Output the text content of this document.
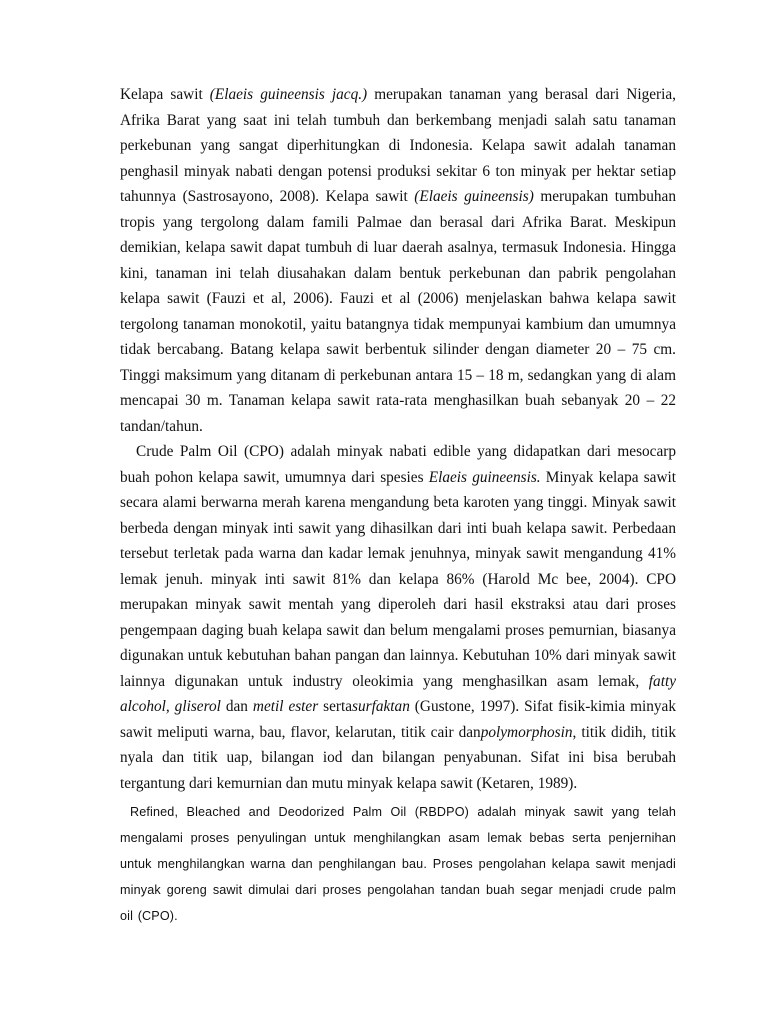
Kelapa sawit (Elaeis guineensis jacq.) merupakan tanaman yang berasal dari Nigeria, Afrika Barat yang saat ini telah tumbuh dan berkembang menjadi salah satu tanaman perkebunan yang sangat diperhitungkan di Indonesia. Kelapa sawit adalah tanaman penghasil minyak nabati dengan potensi produksi sekitar 6 ton minyak per hektar setiap tahunnya (Sastrosayono, 2008). Kelapa sawit (Elaeis guineensis) merupakan tumbuhan tropis yang tergolong dalam famili Palmae dan berasal dari Afrika Barat. Meskipun demikian, kelapa sawit dapat tumbuh di luar daerah asalnya, termasuk Indonesia. Hingga kini, tanaman ini telah diusahakan dalam bentuk perkebunan dan pabrik pengolahan kelapa sawit (Fauzi et al, 2006). Fauzi et al (2006) menjelaskan bahwa kelapa sawit tergolong tanaman monokotil, yaitu batangnya tidak mempunyai kambium dan umumnya tidak bercabang. Batang kelapa sawit berbentuk silinder dengan diameter 20 – 75 cm. Tinggi maksimum yang ditanam di perkebunan antara 15 – 18 m, sedangkan yang di alam mencapai 30 m. Tanaman kelapa sawit rata-rata menghasilkan buah sebanyak 20 – 22 tandan/tahun.

Crude Palm Oil (CPO) adalah minyak nabati edible yang didapatkan dari mesocarp buah pohon kelapa sawit, umumnya dari spesies Elaeis guineensis. Minyak kelapa sawit secara alami berwarna merah karena mengandung beta karoten yang tinggi. Minyak sawit berbeda dengan minyak inti sawit yang dihasilkan dari inti buah kelapa sawit. Perbedaan tersebut terletak pada warna dan kadar lemak jenuhnya, minyak sawit mengandung 41% lemak jenuh. minyak inti sawit 81% dan kelapa 86% (Harold Mc bee, 2004). CPO merupakan minyak sawit mentah yang diperoleh dari hasil ekstraksi atau dari proses pengempaan daging buah kelapa sawit dan belum mengalami proses pemurnian, biasanya digunakan untuk kebutuhan bahan pangan dan lainnya. Kebutuhan 10% dari minyak sawit lainnya digunakan untuk industry oleokimia yang menghasilkan asam lemak, fatty alcohol, gliserol dan metil ester sertasurfaktan (Gustone, 1997). Sifat fisik-kimia minyak sawit meliputi warna, bau, flavor, kelarutan, titik cair danpolymorphosin, titik didih, titik nyala dan titik uap, bilangan iod dan bilangan penyabunan. Sifat ini bisa berubah tergantung dari kemurnian dan mutu minyak kelapa sawit (Ketaren, 1989).

Refined, Bleached and Deodorized Palm Oil (RBDPO) adalah minyak sawit yang telah mengalami proses penyulingan untuk menghilangkan asam lemak bebas serta penjernihan untuk menghilangkan warna dan penghilangan bau. Proses pengolahan kelapa sawit menjadi minyak goreng sawit dimulai dari proses pengolahan tandan buah segar menjadi crude palm oil (CPO).
